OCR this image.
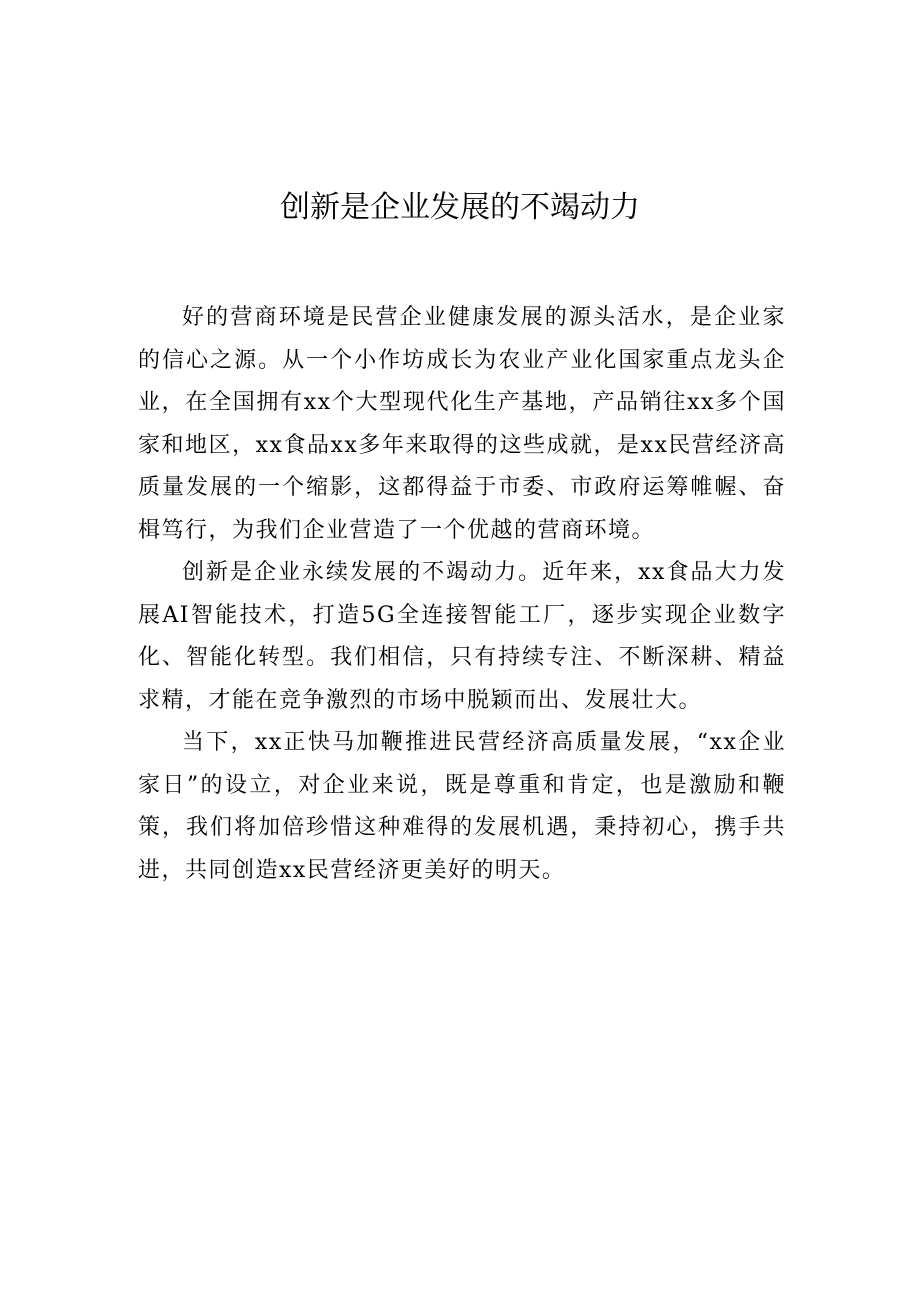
创新是企业发展的不竭动力

好的营商环境是民营企业健康发展的源头活水，是企业家的信心之源。从一个小作坊成长为农业产业化国家重点龙头企业，在全国拥有xx个大型现代化生产基地，产品销往xx多个国家和地区，xx食品xx多年来取得的这些成就，是xx民营经济高质量发展的一个缩影，这都得益于市委、市政府运筹帷幄、奋楫笃行，为我们企业营造了一个优越的营商环境。

创新是企业永续发展的不竭动力。近年来，xx食品大力发展AI智能技术，打造5G全连接智能工厂，逐步实现企业数字化、智能化转型。我们相信，只有持续专注、不断深耕、精益求精，才能在竞争激烈的市场中脱颖而出、发展壮大。

当下，xx正快马加鞭推进民营经济高质量发展，“xx企业家日”的设立，对企业来说，既是尊重和肯定，也是激励和鞭策，我们将加倍珍惜这种难得的发展机遇，秉持初心，携手共进，共同创造xx民营经济更美好的明天。
